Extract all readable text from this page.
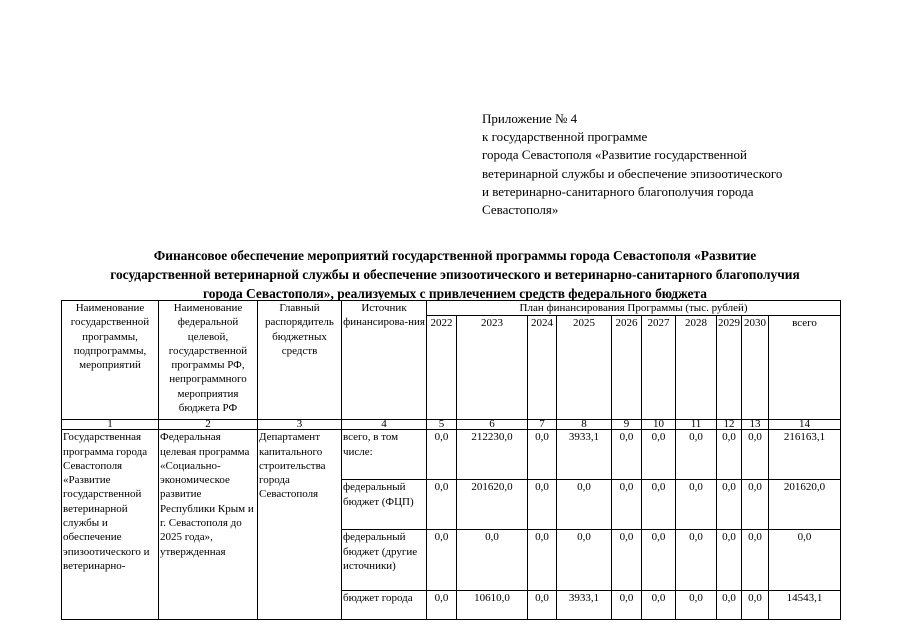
Приложение № 4
к государственной программе
города Севастополя «Развитие государственной
ветеринарной службы и обеспечение эпизоотического
и ветеринарно-санитарного благополучия города
Севастополя»
Финансовое обеспечение мероприятий государственной программы города Севастополя «Развитие
государственной ветеринарной службы и обеспечение эпизоотического и ветеринарно-санитарного благополучия
города Севастополя», реализуемых с привлечением средств федерального бюджета
Наименование государственной программы, подпрограммы, мероприятий	Наименование федеральной целевой, государственной программы РФ, непрограммного мероприятия бюджета РФ	Главный распорядитель бюджетных средств	Источник финансирова-ния	План финансирования Программы (тыс. рублей)									
				2022	2023	2024	2025	2026	2027	2028	2029	2030	всего
1	2	3	4	5	6	7	8	9	10	11	12	13	14
Государственная программа города Севастополя «Развитие государственной ветеринарной службы и обеспечение эпизоотического и ветеринарно-	Федеральная целевая программа «Социально-экономическое развитие Республики Крым и г. Севастополя до 2025 года», утвержденная	Департамент капитального строительства города Севастополя	всего, в том числе:	0,0	212230,0	0,0	3933,1	0,0	0,0	0,0	0,0	0,0	216163,1
			федеральный бюджет (ФЦП)	0,0	201620,0	0,0	0,0	0,0	0,0	0,0	0,0	0,0	201620,0
			федеральный бюджет (другие источники)	0,0	0,0	0,0	0,0	0,0	0,0	0,0	0,0	0,0	0,0
			бюджет города	0,0	10610,0	0,0	3933,1	0,0	0,0	0,0	0,0	0,0	14543,1
